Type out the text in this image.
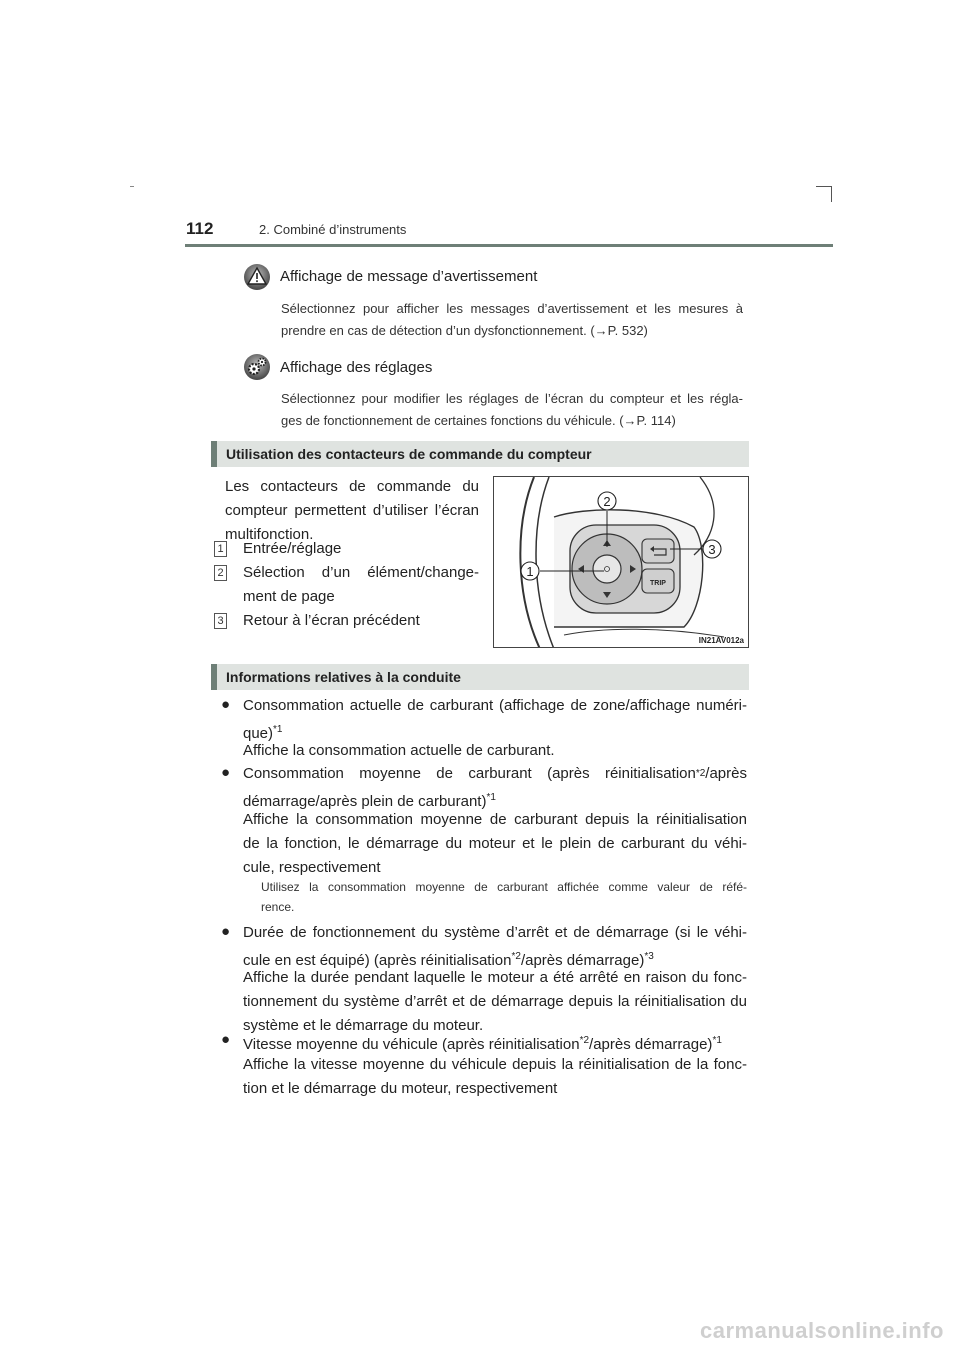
112	2. Combiné d’instruments
Affichage de message d’avertissement
Sélectionnez pour afficher les messages d’avertissement et les mesures à
prendre en cas de détection d’un dysfonctionnement. (→P. 532)
Affichage des réglages
Sélectionnez pour modifier les réglages de l’écran du compteur et les régla-
ges de fonctionnement de certaines fonctions du véhicule. (→P. 114)
Utilisation des contacteurs de commande du compteur
Les contacteurs de commande du
compteur permettent d’utiliser l’écran
multifonction.
1 Entrée/réglage
2 Sélection d’un élément/change-
ment de page
3 Retour à l’écran précédent
TRIP
2
1
3
IN21AV012a
Informations relatives à la conduite
● Consommation actuelle de carburant (affichage de zone/affichage numéri-
que)$^{*1}$
Affiche la consommation actuelle de carburant.
● Consommation moyenne de carburant (après réinitialisation *2 /après
démarrage/après plein de carburant)$^{*1}$
Affiche la consommation moyenne de carburant depuis la réinitialisation
de la fonction, le démarrage du moteur et le plein de carburant du véhi-
cule, respectivement
Utilisez la consommation moyenne de carburant affichée comme valeur de réfé-
rence.
● Durée de fonctionnement du système d’arrêt et de démarrage (si le véhi-
cule en est équipé) (après réinitialisation$^{*2}$/après démarrage)$^{*3}$
Affiche la durée pendant laquelle le moteur a été arrêté en raison du fonc-
tionnement du système d’arrêt et de démarrage depuis la réinitialisation du
système et le démarrage du moteur.
● Vitesse moyenne du véhicule (après réinitialisation$^{*2}$/après démarrage)$^{*1}$
Affiche la vitesse moyenne du véhicule depuis la réinitialisation de la fonc-
tion et le démarrage du moteur, respectivement
carmanualsonline.info
